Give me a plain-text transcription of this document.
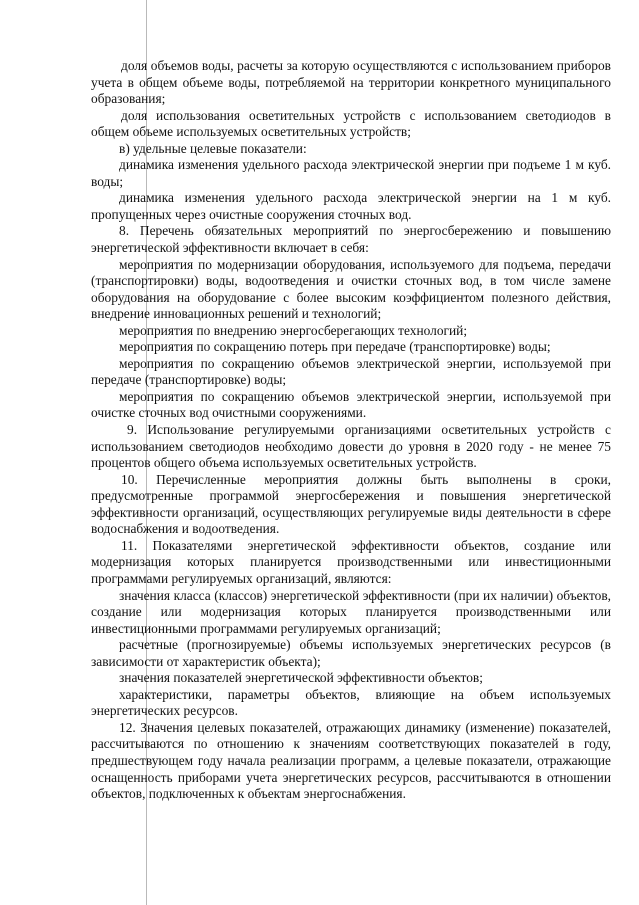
доля объемов воды, расчеты за которую осуществляются с использованием приборов учета в общем объеме воды, потребляемой на территории конкретного муниципального образования;

доля использования осветительных устройств с использованием светодиодов в общем объеме используемых осветительных устройств;

в) удельные целевые показатели:

динамика изменения удельного расхода электрической энергии при подъеме 1 м куб. воды;

динамика изменения удельного расхода электрической энергии на 1 м куб. пропущенных через очистные сооружения сточных вод.

8. Перечень обязательных мероприятий по энергосбережению и повышению энергетической эффективности включает в себя:

мероприятия по модернизации оборудования, используемого для подъема, передачи (транспортировки) воды, водоотведения и очистки сточных вод, в том числе замене оборудования на оборудование с более высоким коэффициентом полезного действия, внедрение инновационных решений и технологий;

мероприятия по внедрению энергосберегающих технологий;

мероприятия по сокращению потерь при передаче (транспортировке) воды;

мероприятия по сокращению объемов электрической энергии, используемой при передаче (транспортировке) воды;

мероприятия по сокращению объемов электрической энергии, используемой при очистке сточных вод очистными сооружениями.

9. Использование регулируемыми организациями осветительных устройств с использованием светодиодов необходимо довести до уровня в 2020 году - не менее 75 процентов общего объема используемых осветительных устройств.

10. Перечисленные мероприятия должны быть выполнены в сроки, предусмотренные программой энергосбережения и повышения энергетической эффективности организаций, осуществляющих регулируемые виды деятельности в сфере водоснабжения и водоотведения.

11. Показателями энергетической эффективности объектов, создание или модернизация которых планируется производственными или инвестиционными программами регулируемых организаций, являются:

значения класса (классов) энергетической эффективности (при их наличии) объектов, создание или модернизация которых планируется производственными или инвестиционными программами регулируемых организаций;

расчетные (прогнозируемые) объемы используемых энергетических ресурсов (в зависимости от характеристик объекта);

значения показателей энергетической эффективности объектов;

характеристики, параметры объектов, влияющие на объем используемых энергетических ресурсов.

12. Значения целевых показателей, отражающих динамику (изменение) показателей, рассчитываются по отношению к значениям соответствующих показателей в году, предшествующем году начала реализации программ, а целевые показатели, отражающие оснащенность приборами учета энергетических ресурсов, рассчитываются в отношении объектов, подключенных к объектам энергоснабжения.
